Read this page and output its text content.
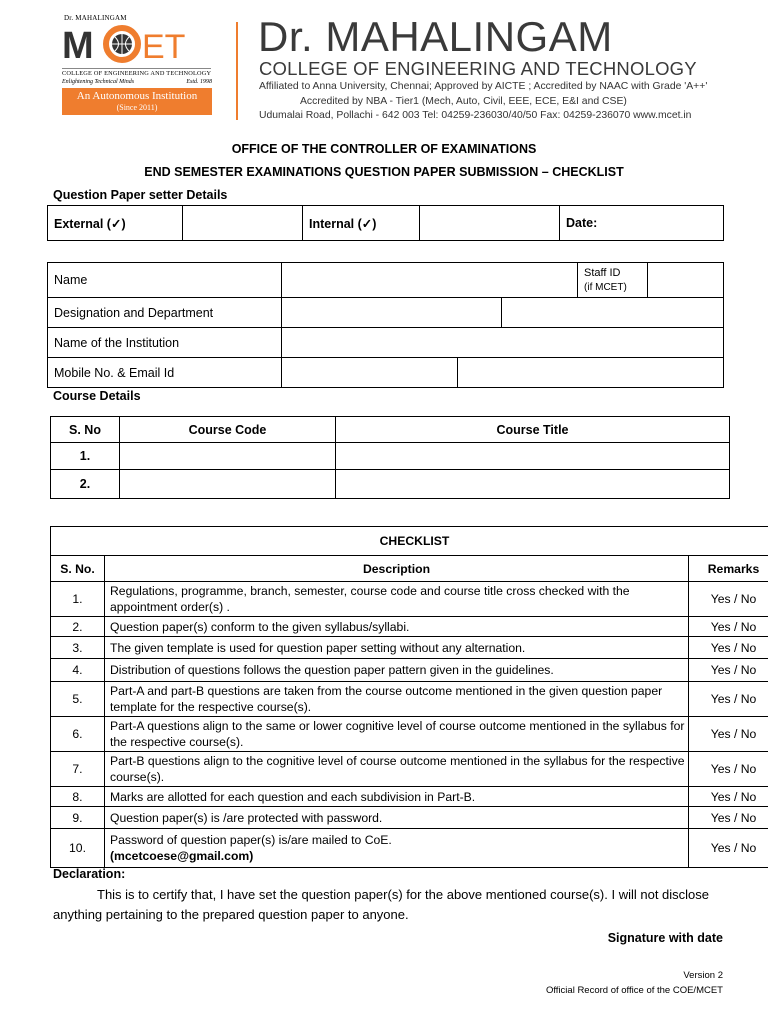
Dr. MAHALINGAM
M ET
COLLEGE OF ENGINEERING AND TECHNOLOGY
Enlightening Technical Minds	Estd. 1998
An Autonomous Institution
(Since 2011)
Dr. MAHALINGAM
COLLEGE OF ENGINEERING AND TECHNOLOGY
Affiliated to Anna University, Chennai; Approved by AICTE ; Accredited by NAAC with Grade 'A++'
Accredited by NBA - Tier1 (Mech, Auto, Civil, EEE, ECE, E&I and CSE)
Udumalai Road, Pollachi - 642 003 Tel: 04259-236030/40/50 Fax: 04259-236070 www.mcet.in
OFFICE OF THE CONTROLLER OF EXAMINATIONS
END SEMESTER EXAMINATIONS QUESTION PAPER SUBMISSION – CHECKLIST
Question Paper setter Details
External (✓)		Internal (✓)		Date:
Name				Staff ID
(if MCET)	
Designation and Department					
Name of the Institution					
Mobile No. & Email Id					
Course Details
S. No	Course Code	Course Title
1.		
2.		
CHECKLIST		
S. No.	Description	Remarks
1.	Regulations, programme, branch, semester, course code and course title cross checked with the appointment order(s) .	Yes / No
2.	Question paper(s) conform to the given syllabus/syllabi.	Yes / No
3.	The given template is used for question paper setting without any alternation.	Yes / No
4.	Distribution of questions follows the question paper pattern given in the guidelines.	Yes / No
5.	Part-A and part-B questions are taken from the course outcome mentioned in the given question paper template for the respective course(s).	Yes / No
6.	Part-A questions align to the same or lower cognitive level of course outcome mentioned in the syllabus for the respective course(s).	Yes / No
7.	Part-B questions align to the cognitive level of course outcome mentioned in the syllabus for the respective course(s).	Yes / No
8.	Marks are allotted for each question and each subdivision in Part-B.	Yes / No
9.	Question paper(s) is /are protected with password.	Yes / No
10.	Password of question paper(s) is/are mailed to CoE.
(mcetcoese@gmail.com)	Yes / No
Declaration:
This is to certify that, I have set the question paper(s) for the above mentioned course(s). I will not disclose anything pertaining to the prepared question paper to anyone.
Signature with date
Version 2
Official Record of office of the COE/MCET
